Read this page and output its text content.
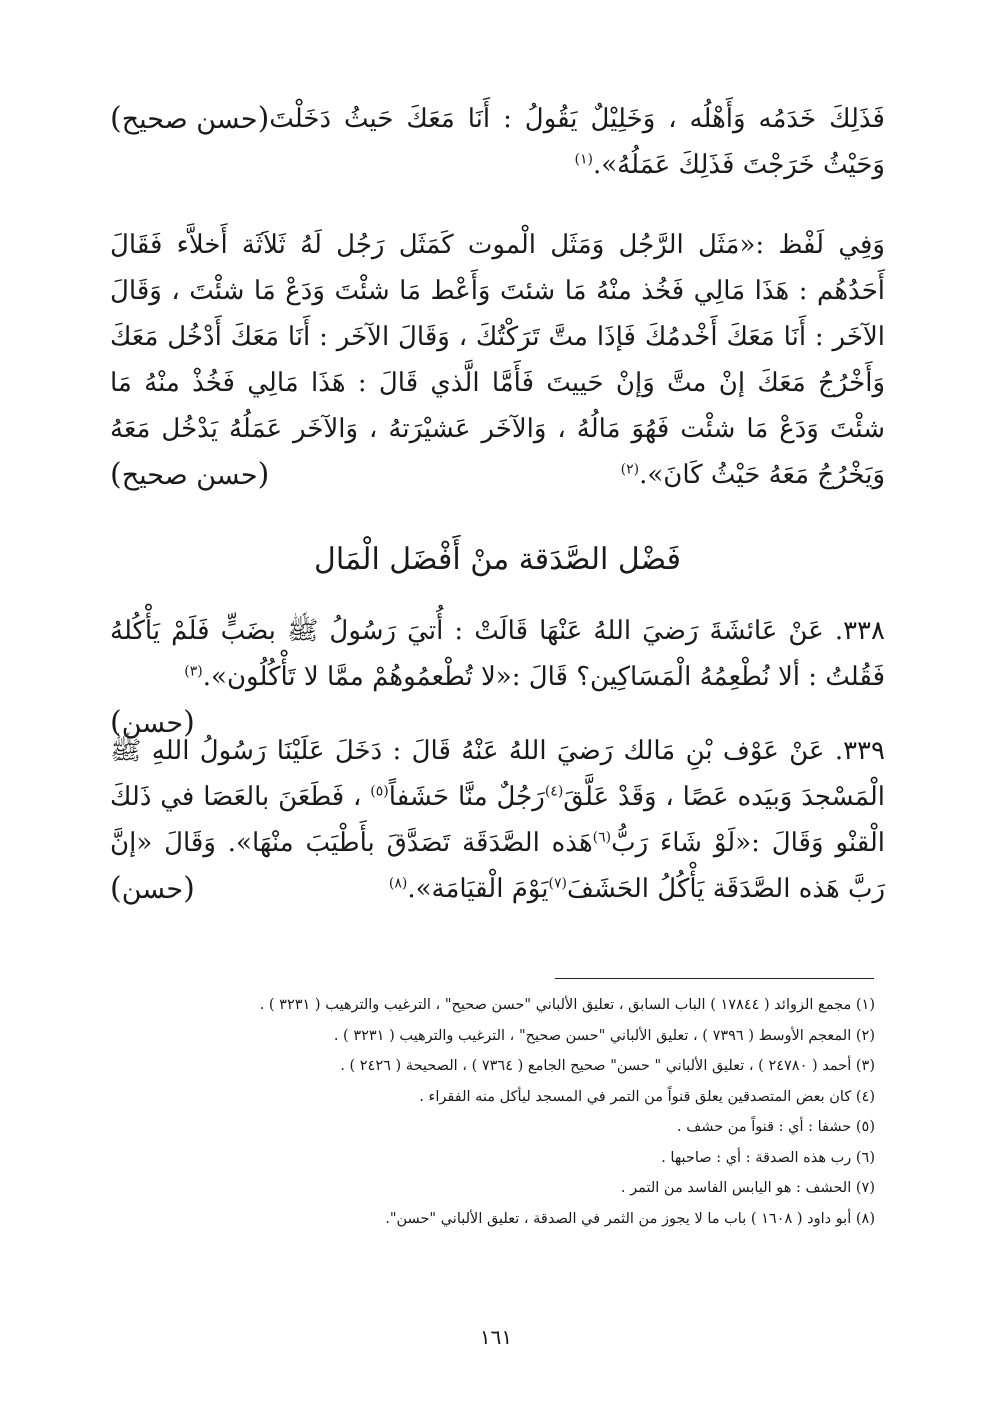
(حسن صحيح)	فَذَلِكَ خَدَمُه وَأَهْلُه ، وَخَلِيْلٌ يَقُولُ : أَنَا مَعَكَ حَيثُ دَخَلْتَ وَحَيْثُ خَرَجْتَ فَذَلِكَ عَمَلُهُ».$^{(١)}$

وَفِي لَفْظ :«مَثَل الرَّجُل وَمَثَل الْموت كَمَثَل رَجُل لَهُ ثَلاَثَة أَخلاَّء فَقَالَ أَحَدُهُم : هَذَا مَالِي فَخُذ منْهُ مَا شئتَ وَأَعْط مَا شئْتَ وَدَعْ مَا شئْتَ ، وَقَالَ الآخَر : أَنَا مَعَكَ أَخْدمُكَ فَإذَا متَّ تَرَكْتُكَ ، وَقَالَ الآخَر : أَنَا مَعَكَ أَدْخُل مَعَكَ وَأَخْرُجُ مَعَكَ إنْ متَّ وَإنْ حَييتَ فَأَمَّا الَّذي قَالَ : هَذَا مَالِي فَخُذْ منْهُ مَا شئْتَ وَدَعْ مَا شئْت فَهُوَ مَالُهُ ، وَالآخَر عَشيْرَتهُ ، وَالآخَر عَمَلُهُ يَدْخُل مَعَهُ وَيَخْرُجُ مَعَهُ حَيْثُ كَانَ».$^{(٢)}$
(حسن صحيح)

فَضْل الصَّدَقة منْ أَفْضَل الْمَال

٣٣٨. عَنْ عَائشَةَ رَضيَ اللهُ عَنْهَا قَالَتْ : أُتيَ رَسُولُ ﷺ بضَبٍّ فَلَمْ يَأْكُلهُ فَقُلتُ : ألا نُطْعِمُهُ الْمَسَاكِين؟ قَالَ :«لا تُطْعمُوهُمْ ممَّا لا تَأْكُلُون».$^{(٣)}$
(حسن)

٣٣٩. عَنْ عَوْف بْنِ مَالك رَضيَ اللهُ عَنْهُ قَالَ : دَخَلَ عَلَيْنَا رَسُولُ اللهِ ﷺ الْمَسْجدَ وَبيَده عَصًا ، وَقَدْ عَلَّقَ$^{(٤)}$رَجُلٌ منَّا حَشَفاً$^{(٥)}$ ، فَطَعَنَ بالعَصَا في ذَلكَ الْقنْو وَقَالَ :«لَوْ شَاءَ رَبُّ$^{(٦)}$هَذه الصَّدَقَة تَصَدَّقَ بأَطْيَبَ منْهَا». وَقَالَ «إنَّ رَبَّ هَذه الصَّدَقَة يَأْكُلُ الحَشَفَ$^{(٧)}$يَوْمَ الْقيَامَة».$^{(٨)}$
(حسن)

(١) مجمع الزوائد ( ١٧٨٤٤ ) الباب السابق ، تعليق الألباني "حسن صحيح" ، الترغيب والترهيب ( ٣٢٣١ ) .

(٢) المعجم الأوسط ( ٧٣٩٦ ) ، تعليق الألباني "حسن صحيح" ، الترغيب والترهيب ( ٣٢٣١ ) .

(٣) أحمد ( ٢٤٧٨٠ ) ، تعليق الألباني " حسن" صحيح الجامع ( ٧٣٦٤ ) ، الصحيحة ( ٢٤٢٦ ) .

(٤) كان بعض المتصدقين يعلق قنواً من التمر في المسجد ليأكل منه الفقراء .

(٥) حشفا : أي : قنواً من حشف .

(٦) رب هذه الصدقة : أي : صاحبها .

(٧) الحشف : هو اليابس الفاسد من التمر .

(٨) أبو داود ( ١٦٠٨ ) باب ما لا يجوز من الثمر في الصدقة ، تعليق الألباني "حسن".

١٦١
